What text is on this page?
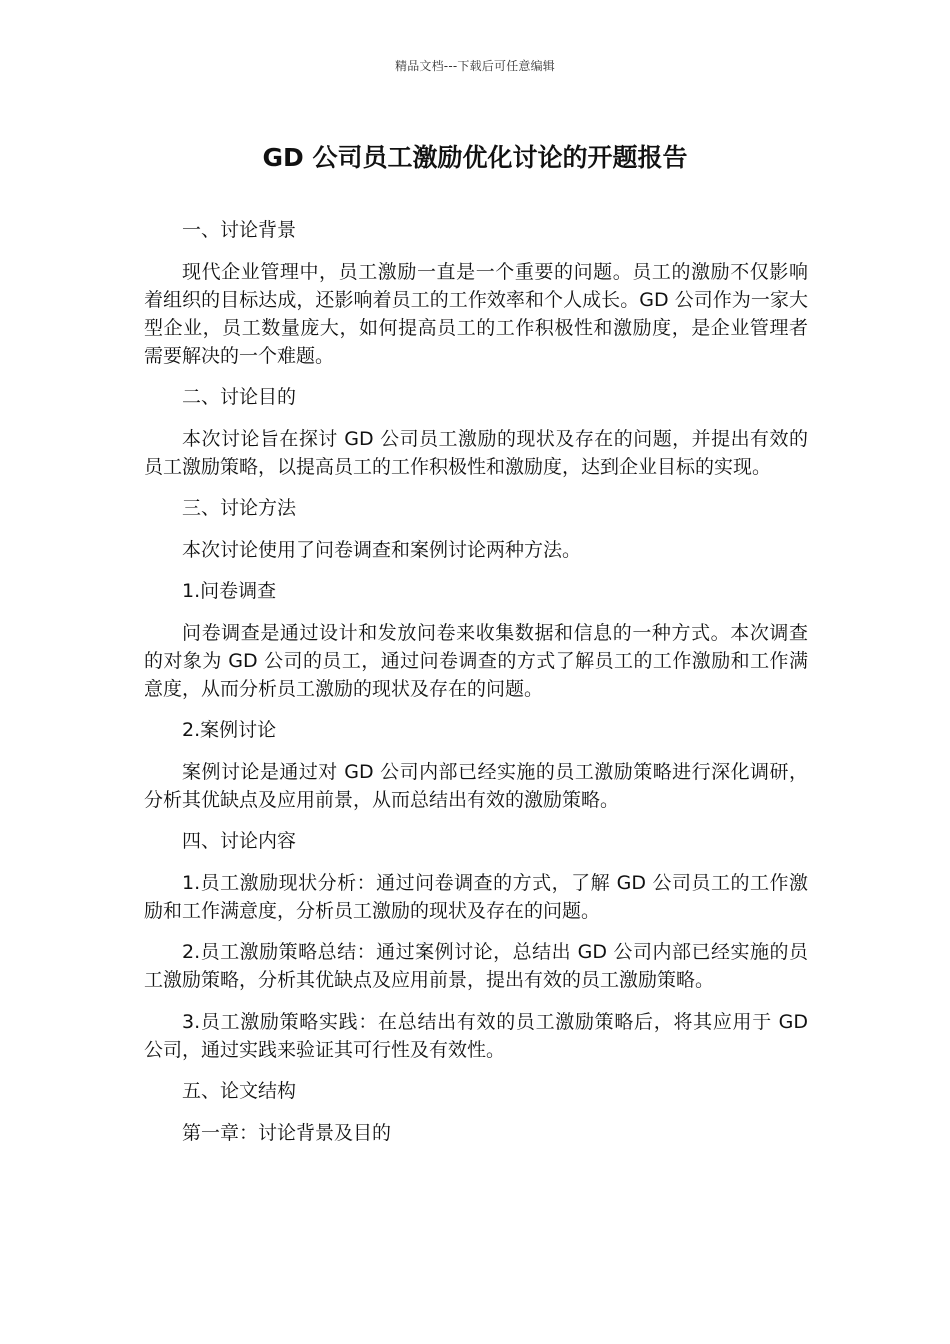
精品文档---下载后可任意编辑
GD 公司员工激励优化讨论的开题报告

一、讨论背景

现代企业管理中，员工激励一直是一个重要的问题。员工的激励不仅影响着组织的目标达成，还影响着员工的工作效率和个人成长。GD 公司作为一家大型企业，员工数量庞大，如何提高员工的工作积极性和激励度，是企业管理者需要解决的一个难题。

二、讨论目的

本次讨论旨在探讨 GD 公司员工激励的现状及存在的问题，并提出有效的员工激励策略，以提高员工的工作积极性和激励度，达到企业目标的实现。

三、讨论方法

本次讨论使用了问卷调查和案例讨论两种方法。

1.问卷调查

问卷调查是通过设计和发放问卷来收集数据和信息的一种方式。本次调查的对象为 GD 公司的员工，通过问卷调查的方式了解员工的工作激励和工作满意度，从而分析员工激励的现状及存在的问题。

2.案例讨论

案例讨论是通过对 GD 公司内部已经实施的员工激励策略进行深化调研，分析其优缺点及应用前景，从而总结出有效的激励策略。

四、讨论内容

1.员工激励现状分析：通过问卷调查的方式，了解 GD 公司员工的工作激励和工作满意度，分析员工激励的现状及存在的问题。

2.员工激励策略总结：通过案例讨论，总结出 GD 公司内部已经实施的员工激励策略，分析其优缺点及应用前景，提出有效的员工激励策略。

3.员工激励策略实践：在总结出有效的员工激励策略后，将其应用于 GD 公司，通过实践来验证其可行性及有效性。

五、论文结构

第一章：讨论背景及目的
